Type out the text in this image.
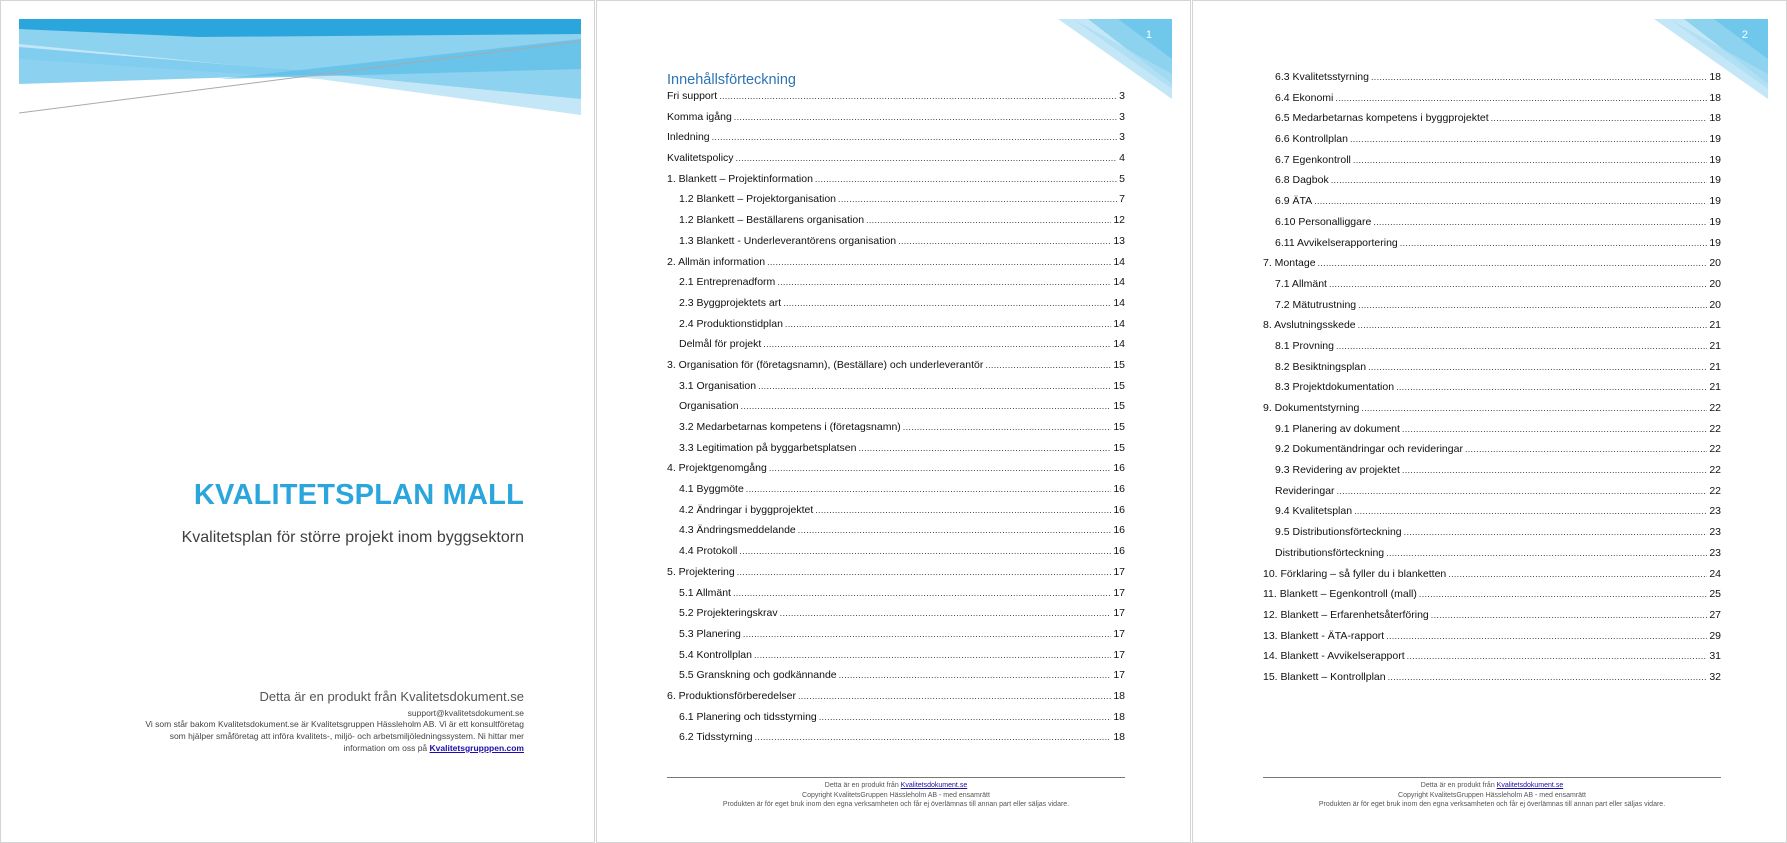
KVALITETSPLAN MALL
Kvalitetsplan för större projekt inom byggsektorn
Detta är en produkt från Kvalitetsdokument.se
support@kvalitetsdokument.se
Vi som står bakom Kvalitetsdokument.se är Kvalitetsgruppen Hässleholm AB. Vi är ett konsultföretag som hjälper småföretag att införa kvalitets-, miljö- och arbetsmiljöledningssystem. Ni hittar mer information om oss på Kvalitetsgrupppen.com
1
Innehållsförteckning
Fri support .....	3
Komma igång .....	3
Inledning .....	3
Kvalitetspolicy .....	4
1. Blankett – Projektinformation .....	5
1.2 Blankett – Projektorganisation .....	7
1.2 Blankett – Beställarens organisation .....	12
1.3 Blankett - Underleverantörens organisation .....	13
2. Allmän information .....	14
2.1 Entreprenadform .....	14
2.3 Byggprojektets art .....	14
2.4 Produktionstidplan .....	14
Delmål för projekt .....	14
3. Organisation för (företagsnamn), (Beställare) och underleverantör .....	15
3.1 Organisation .....	15
Organisation .....	15
3.2 Medarbetarnas kompetens i (företagsnamn) .....	15
3.3 Legitimation på byggarbetsplatsen .....	15
4. Projektgenomgång .....	16
4.1 Byggmöte .....	16
4.2 Ändringar i byggprojektet .....	16
4.3 Ändringsmeddelande .....	16
4.4 Protokoll .....	16
5. Projektering .....	17
5.1 Allmänt .....	17
5.2 Projekteringskrav .....	17
5.3 Planering .....	17
5.4 Kontrollplan .....	17
5.5 Granskning och godkännande .....	17
6. Produktionsförberedelser .....	18
6.1 Planering och tidsstyrning .....	18
6.2 Tidsstyrning .....	18
Detta är en produkt från Kvalitetsdokument.se
Copyright KvalitetsGruppen Hässleholm AB - med ensamrätt
Produkten är för eget bruk inom den egna verksamheten och får ej överlämnas till annan part eller säljas vidare.
2
6.3 Kvalitetsstyrning .....	18
6.4 Ekonomi .....	18
6.5 Medarbetarnas kompetens i byggprojektet .....	18
6.6 Kontrollplan .....	19
6.7 Egenkontroll .....	19
6.8 Dagbok .....	19
6.9 ÄTA .....	19
6.10 Personalliggare .....	19
6.11 Avvikelserapportering .....	19
7. Montage .....	20
7.1 Allmänt .....	20
7.2 Mätutrustning .....	20
8. Avslutningsskede .....	21
8.1 Provning .....	21
8.2 Besiktningsplan .....	21
8.3 Projektdokumentation .....	21
9. Dokumentstyrning .....	22
9.1 Planering av dokument .....	22
9.2 Dokumentändringar och revideringar .....	22
9.3 Revidering av projektet .....	22
Revideringar .....	22
9.4 Kvalitetsplan .....	23
9.5 Distributionsförteckning .....	23
Distributionsförteckning .....	23
10. Förklaring – så fyller du i blanketten .....	24
11. Blankett – Egenkontroll (mall) .....	25
12. Blankett – Erfarenhetsåterföring .....	27
13. Blankett - ÄTA-rapport .....	29
14. Blankett - Avvikelserapport .....	31
15. Blankett – Kontrollplan .....	32
Detta är en produkt från Kvalitetsdokument.se
Copyright KvalitetsGruppen Hässleholm AB - med ensamrätt
Produkten är för eget bruk inom den egna verksamheten och får ej överlämnas till annan part eller säljas vidare.
